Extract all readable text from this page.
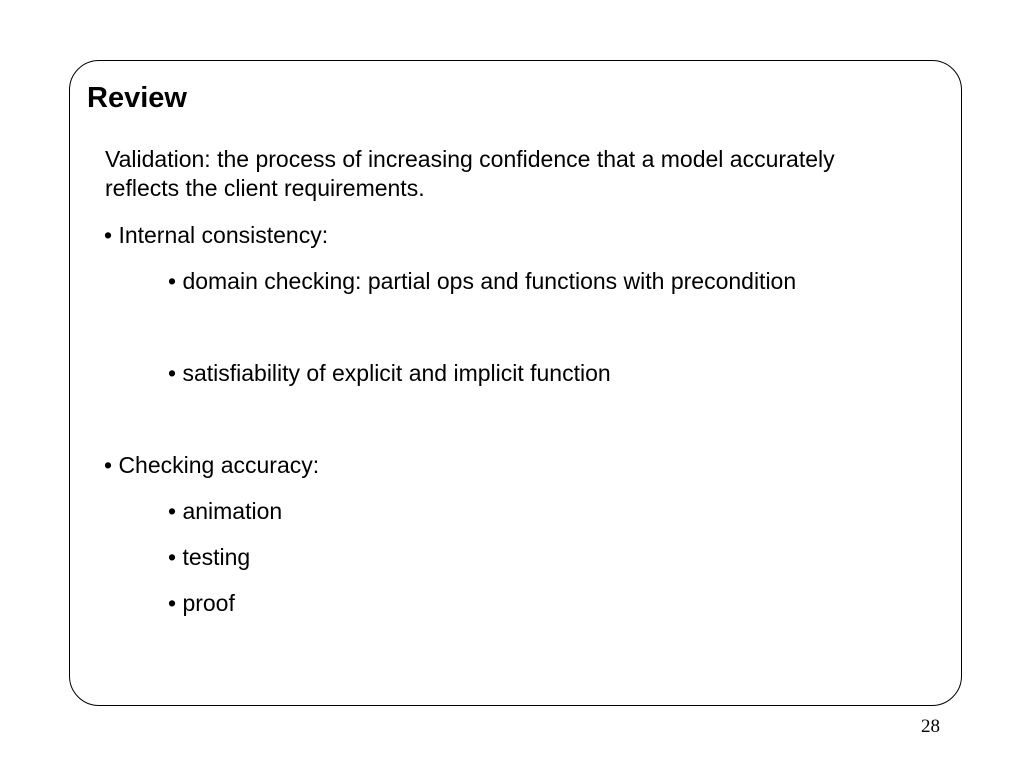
Review
Validation: the process of increasing confidence that a model accurately
reflects the client requirements.
• Internal consistency:
• domain checking: partial ops and functions with precondition
• satisfiability of explicit and implicit function
• Checking accuracy:
• animation
• testing
• proof
28
